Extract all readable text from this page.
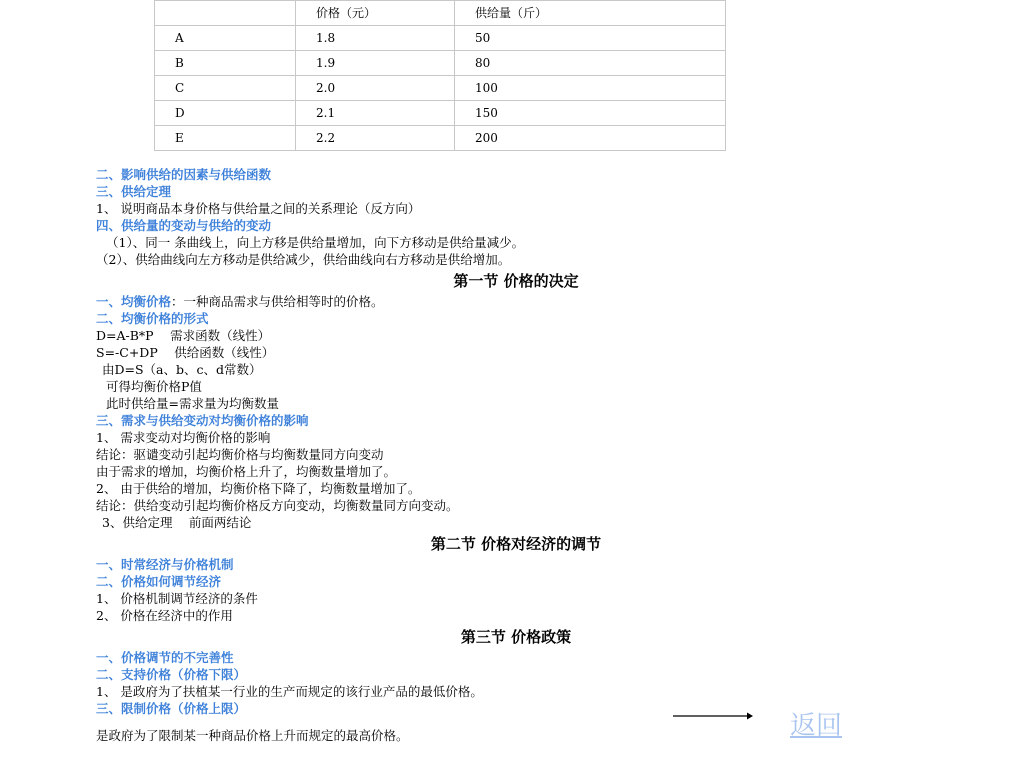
	价格（元）	供给量（斤）
A	1.8	50
B	1.9	80
C	2.0	100
D	2.1	150
E	2.2	200
二、影响供给的因素与供给函数
三、供给定理
1、 说明商品本身价格与供给量之间的关系理论（反方向）
四、供给量的变动与供给的变动
（1）、同一 条曲线上，向上方移是供给量增加，向下方移动是供给量减少。
（2）、供给曲线向左方移动是供给减少，供给曲线向右方移动是供给增加。
第一节 价格的决定
一、均衡价格：一种商品需求与供给相等时的价格。
二、均衡价格的形式
D=A-B*P　 需求函数（线性）
S=-C+DP　 供给函数（线性）
由D=S（a、b、c、d常数）
可得均衡价格P值
此时供给量=需求量为均衡数量
三、需求与供给变动对均衡价格的影响
1、 需求变动对均衡价格的影响
结论：驱谴变动引起均衡价格与均衡数量同方向变动
由于需求的增加，均衡价格上升了，均衡数量增加了。
2、 由于供给的增加，均衡价格下降了，均衡数量增加了。
结论：供给变动引起均衡价格反方向变动，均衡数量同方向变动。
3、供给定理　 前面两结论
第二节 价格对经济的调节
一、时常经济与价格机制
二、价格如何调节经济
1、 价格机制调节经济的条件
2、 价格在经济中的作用
第三节 价格政策
一、价格调节的不完善性
二、支持价格（价格下限）
1、 是政府为了扶植某一行业的生产而规定的该行业产品的最低价格。
三、限制价格（价格上限）
是政府为了限制某一种商品价格上升而规定的最高价格。	返回
